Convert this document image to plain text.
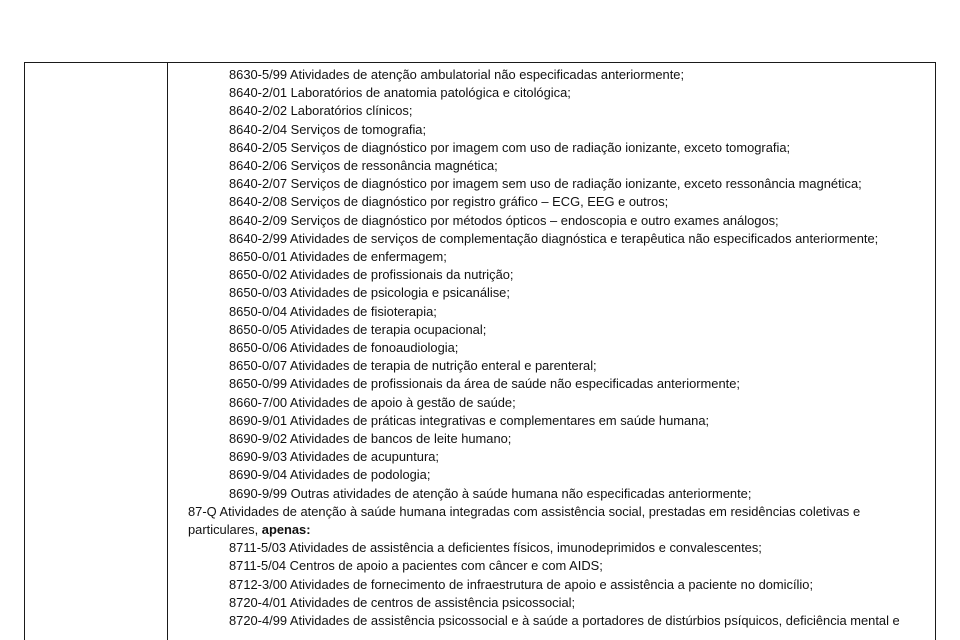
8630-5/99 Atividades de atenção ambulatorial não especificadas anteriormente;
8640-2/01 Laboratórios de anatomia patológica e citológica;
8640-2/02 Laboratórios clínicos;
8640-2/04 Serviços de tomografia;
8640-2/05 Serviços de diagnóstico por imagem com uso de radiação ionizante, exceto tomografia;
8640-2/06 Serviços de ressonância magnética;
8640-2/07 Serviços de diagnóstico por imagem sem uso de radiação ionizante, exceto ressonância magnética;
8640-2/08 Serviços de diagnóstico por registro gráfico – ECG, EEG e outros;
8640-2/09 Serviços de diagnóstico por métodos ópticos – endoscopia e outro exames análogos;
8640-2/99 Atividades de serviços de complementação diagnóstica e terapêutica não especificados anteriormente;
8650-0/01 Atividades de enfermagem;
8650-0/02 Atividades de profissionais da nutrição;
8650-0/03 Atividades de psicologia e psicanálise;
8650-0/04 Atividades de fisioterapia;
8650-0/05 Atividades de terapia ocupacional;
8650-0/06 Atividades de fonoaudiologia;
8650-0/07 Atividades de terapia de nutrição enteral e parenteral;
8650-0/99 Atividades de profissionais da área de saúde não especificadas anteriormente;
8660-7/00 Atividades de apoio à gestão de saúde;
8690-9/01 Atividades de práticas integrativas e complementares em saúde humana;
8690-9/02 Atividades de bancos de leite humano;
8690-9/03 Atividades de acupuntura;
8690-9/04 Atividades de podologia;
8690-9/99 Outras atividades de atenção à saúde humana não especificadas anteriormente;
87-Q Atividades de atenção à saúde humana integradas com assistência social, prestadas em residências coletivas e particulares, apenas:
8711-5/03 Atividades de assistência a deficientes físicos, imunodeprimidos e convalescentes;
8711-5/04 Centros de apoio a pacientes com câncer e com AIDS;
8712-3/00 Atividades de fornecimento de infraestrutura de apoio e assistência a paciente no domicílio;
8720-4/01 Atividades de centros de assistência psicossocial;
8720-4/99 Atividades de assistência psicossocial e à saúde a portadores de distúrbios psíquicos, deficiência mental e
